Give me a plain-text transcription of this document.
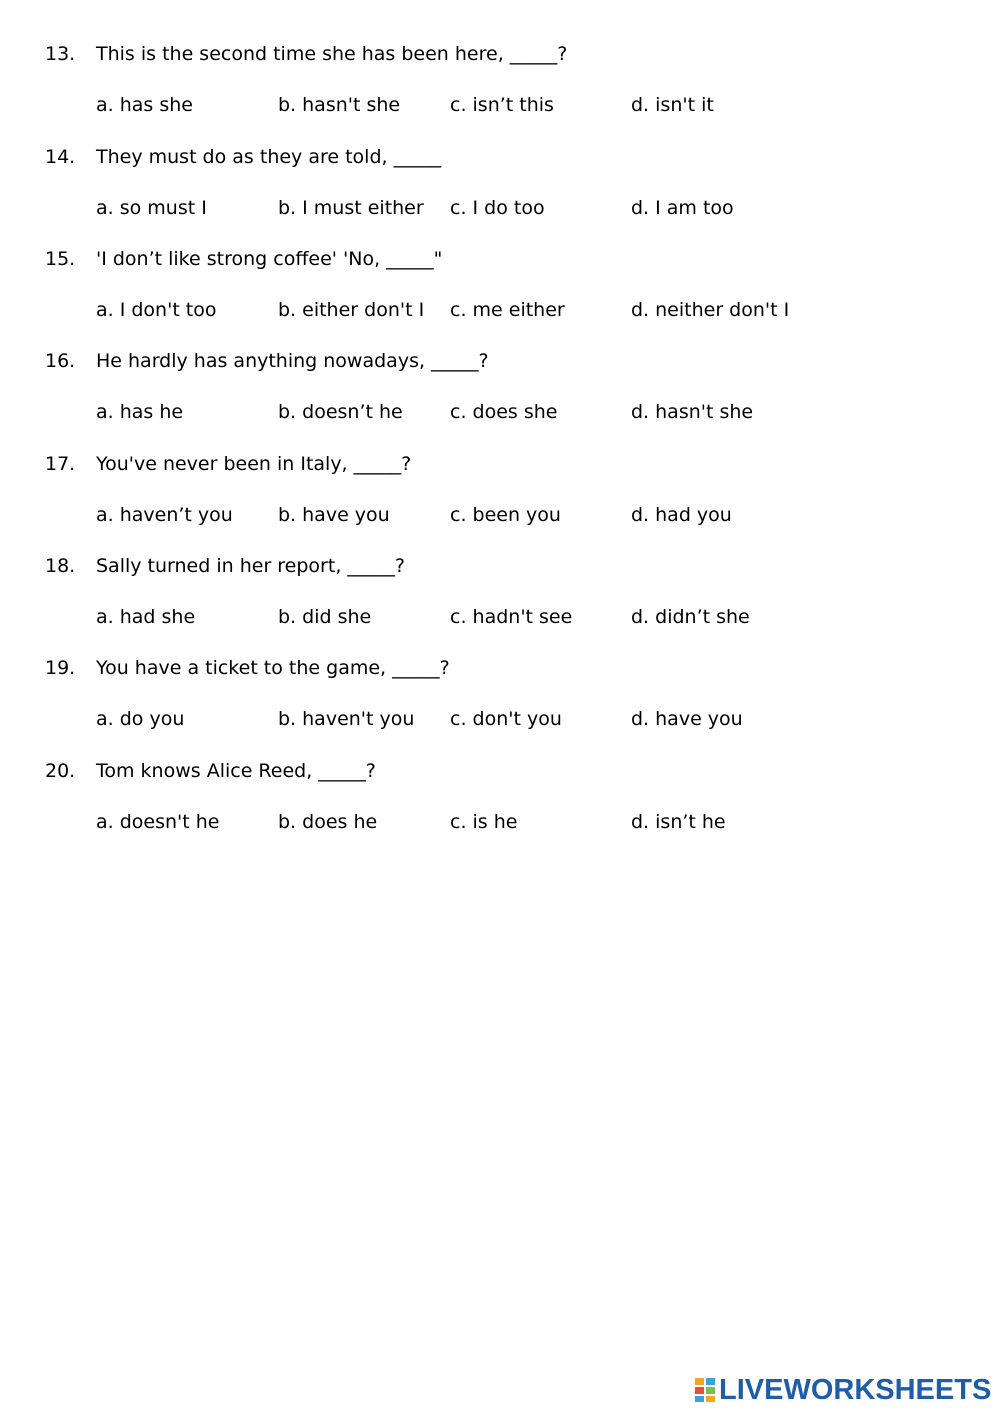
13. This is the second time she has been here, _____?
a. has she	b. hasn't she	c. isn’t this	d. isn't it
14. They must do as they are told, _____
a. so must I	b. I must either c. I do too	d. I am too
15. 'I don’t like strong coffee' 'No, _____"
a. I don't too	b. either don't I c. me either	d. neither don't I
16. He hardly has anything nowadays, _____?
a. has he	b. doesn’t he c. does she	d. hasn't she
17. You've never been in Italy, _____?
a. haven’t you b. have you	c. been you	d. had you
18. Sally turned in her report, _____?
a. had she	b. did she	c. hadn't see	d. didn’t she
19. You have a ticket to the game, _____?
a. do you	b. haven't you c. don't you	d. have you
20. Tom knows Alice Reed, _____?
a. doesn't he	b. does he	c. is he	d. isn’t he
LIVEWORKSHEETS
